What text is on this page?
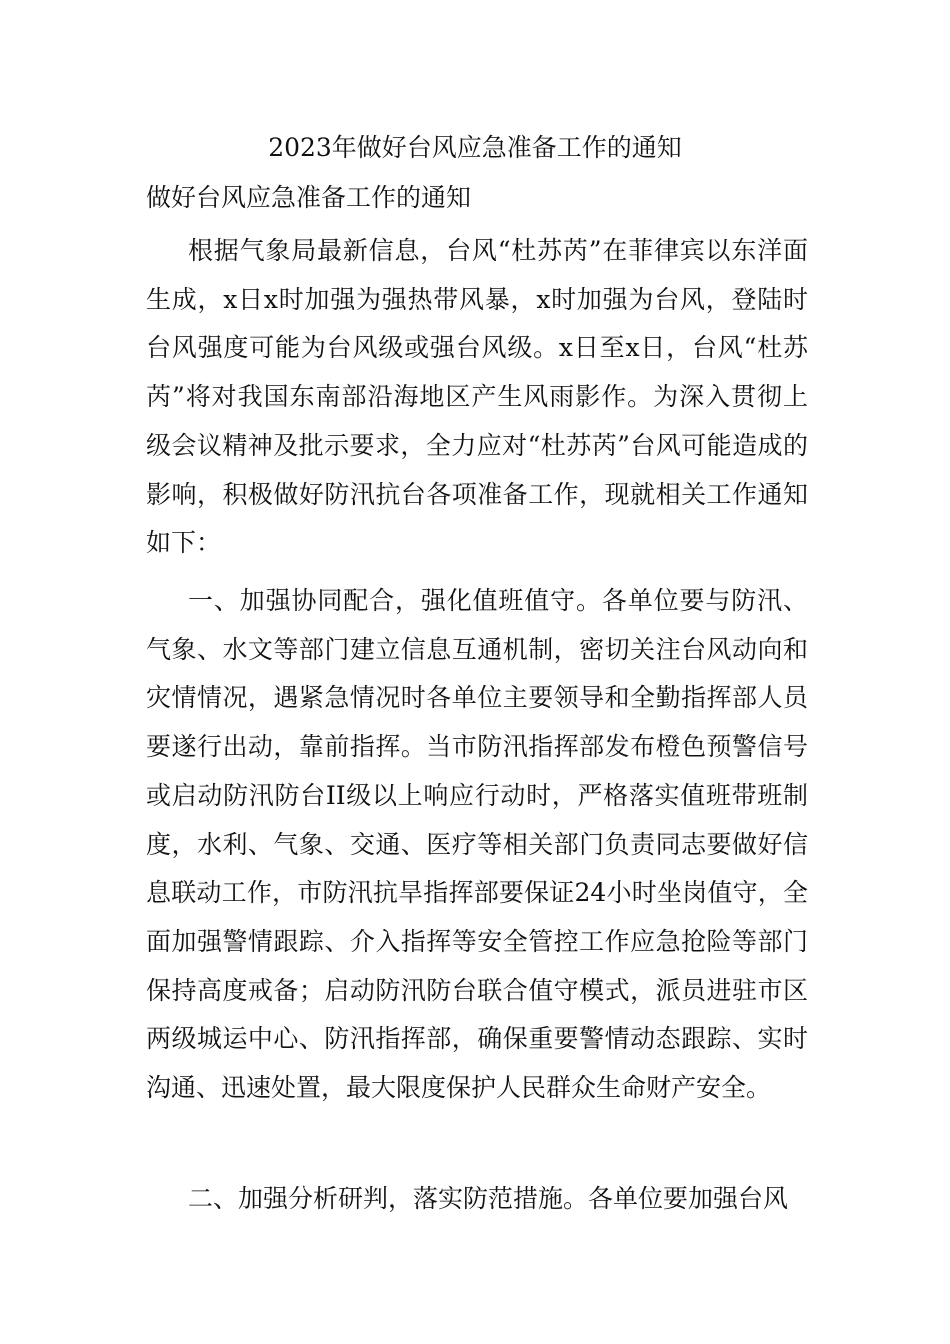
2023年做好台风应急准备工作的通知
做好台风应急准备工作的通知

根据气象局最新信息，台风“杜苏芮”在菲律宾以东洋面生成，x日x时加强为强热带风暴，x时加强为台风，登陆时台风强度可能为台风级或强台风级。x日至x日，台风“杜苏芮”将对我国东南部沿海地区产生风雨影作。为深入贯彻上级会议精神及批示要求，全力应对“杜苏芮”台风可能造成的影响，积极做好防汛抗台各项准备工作，现就相关工作通知如下：

一、加强协同配合，强化值班值守。各单位要与防汛、气象、水文等部门建立信息互通机制，密切关注台风动向和灾情情况，遇紧急情况时各单位主要领导和全勤指挥部人员要遂行出动，靠前指挥。当市防汛指挥部发布橙色预警信号或启动防汛防台II级以上响应行动时，严格落实值班带班制度，水利、气象、交通、医疗等相关部门负责同志要做好信息联动工作，市防汛抗旱指挥部要保证24小时坐岗值守，全面加强警情跟踪、介入指挥等安全管控工作应急抢险等部门保持高度戒备；启动防汛防台联合值守模式，派员进驻市区两级城运中心、防汛指挥部，确保重要警情动态跟踪、实时沟通、迅速处置，最大限度保护人民群众生命财产安全。

二、加强分析研判，落实防范措施。各单位要加强台风
